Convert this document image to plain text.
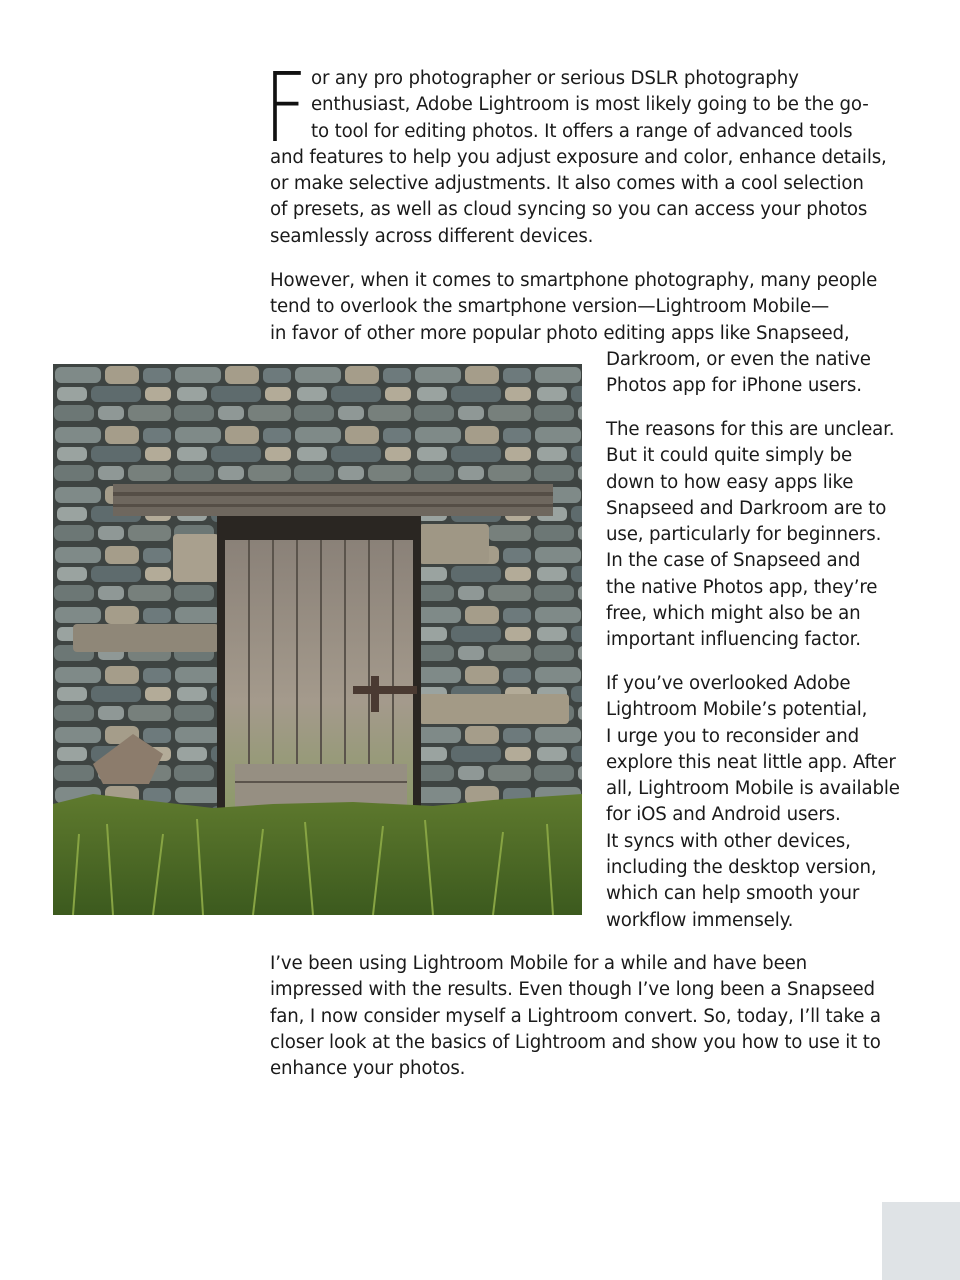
F or any pro photographer or serious DSLR photography
enthusiast, Adobe Lightroom is most likely going to be the go-
to tool for editing photos. It offers a range of advanced tools
and features to help you adjust exposure and color, enhance details,
or make selective adjustments. It also comes with a cool selection
of presets, as well as cloud syncing so you can access your photos
seamlessly across different devices.
However, when it comes to smartphone photography, many people
tend to overlook the smartphone version—Lightroom Mobile—
in favor of other more popular photo editing apps like Snapseed,
Darkroom, or even the native
Photos app for iPhone users.
The reasons for this are unclear.
But it could quite simply be
down to how easy apps like
Snapseed and Darkroom are to
use, particularly for beginners.
In the case of Snapseed and
the native Photos app, they’re
free, which might also be an
important influencing factor.
If you’ve overlooked Adobe
Lightroom Mobile’s potential,
I urge you to reconsider and
explore this neat little app. After
all, Lightroom Mobile is available
for iOS and Android users.
It syncs with other devices,
including the desktop version,
which can help smooth your
workflow immensely.
I’ve been using Lightroom Mobile for a while and have been
impressed with the results. Even though I’ve long been a Snapseed
fan, I now consider myself a Lightroom convert. So, today, I’ll take a
closer look at the basics of Lightroom and show you how to use it to
enhance your photos.
